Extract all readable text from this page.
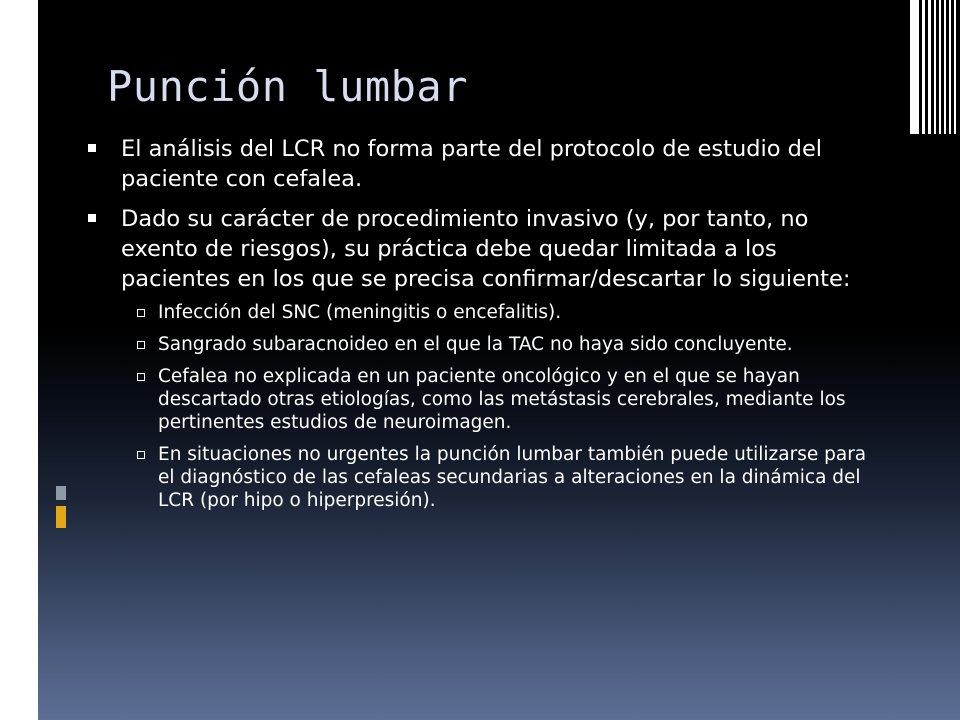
Punción lumbar
El análisis del LCR no forma parte del protocolo de estudio del paciente con cefalea.
Dado su carácter de procedimiento invasivo (y, por tanto, no exento de riesgos), su práctica debe quedar limitada a los pacientes en los que se precisa confirmar/descartar lo siguiente:
Infección del SNC (meningitis o encefalitis).
Sangrado subaracnoideo en el que la TAC no haya sido concluyente.
Cefalea no explicada en un paciente oncológico y en el que se hayan descartado otras etiologías, como las metástasis cerebrales, mediante los pertinentes estudios de neuroimagen.
En situaciones no urgentes la punción lumbar también puede utilizarse para el diagnóstico de las cefaleas secundarias a alteraciones en la dinámica del LCR (por hipo o hiperpresión).
